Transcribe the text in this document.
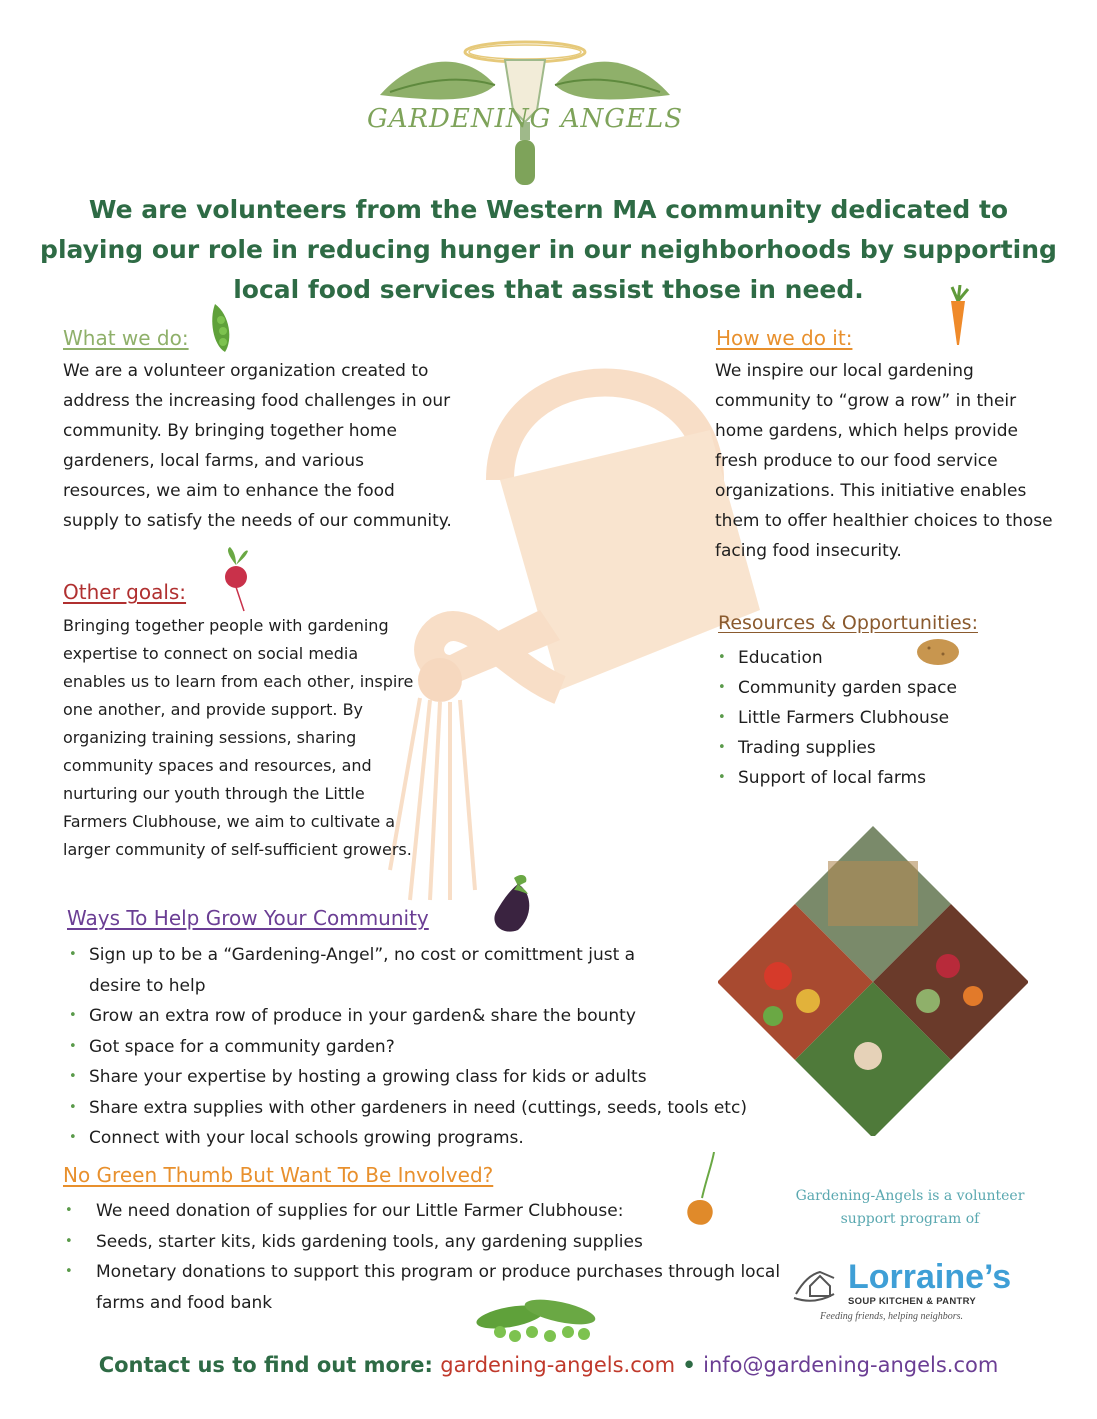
GARDENING ANGELS
We are volunteers from the Western MA community dedicated to playing our role in reducing hunger in our neighborhoods by supporting local food services that assist those in need.
What we do:
We are a volunteer organization created to address the increasing food challenges in our community. By bringing together home gardeners, local farms, and various resources, we aim to enhance the food supply to satisfy the needs of our community.
Other goals:
Bringing together people with gardening expertise to connect on social media enables us to learn from each other, inspire one another, and provide support. By organizing training sessions, sharing community spaces and resources, and nurturing our youth through the Little Farmers Clubhouse, we aim to cultivate a larger community of self-sufficient growers.
How we do it:
We inspire our local gardening community to “grow a row” in their home gardens, which helps provide fresh produce to our food service organizations. This initiative enables them to offer healthier choices to those facing food insecurity.
Resources & Opportunities:
• Education
• Community garden space
• Little Farmers Clubhouse
• Trading supplies
• Support of local farms
Ways To Help Grow Your Community
• Sign up to be a “Gardening-Angel”, no cost or comittment just a desire to help
• Grow an extra row of produce in your garden& share the bounty
• Got space for a community garden?
• Share your expertise by hosting a growing class for kids or adults
• Share extra supplies with other gardeners in need (cuttings, seeds, tools etc)
• Connect with your local schools growing programs.
No Green Thumb But Want To Be Involved?
• We need donation of supplies for our Little Farmer Clubhouse:
• Seeds, starter kits, kids gardening tools, any gardening supplies
• Monetary donations to support this program or produce purchases through local farms and food bank
Gardening-Angels is a volunteer support program of
Lorraine’s
SOUP KITCHEN & PANTRY
Feeding friends, helping neighbors.
Contact us to find out more: gardening-angels.com • info@gardening-angels.com
